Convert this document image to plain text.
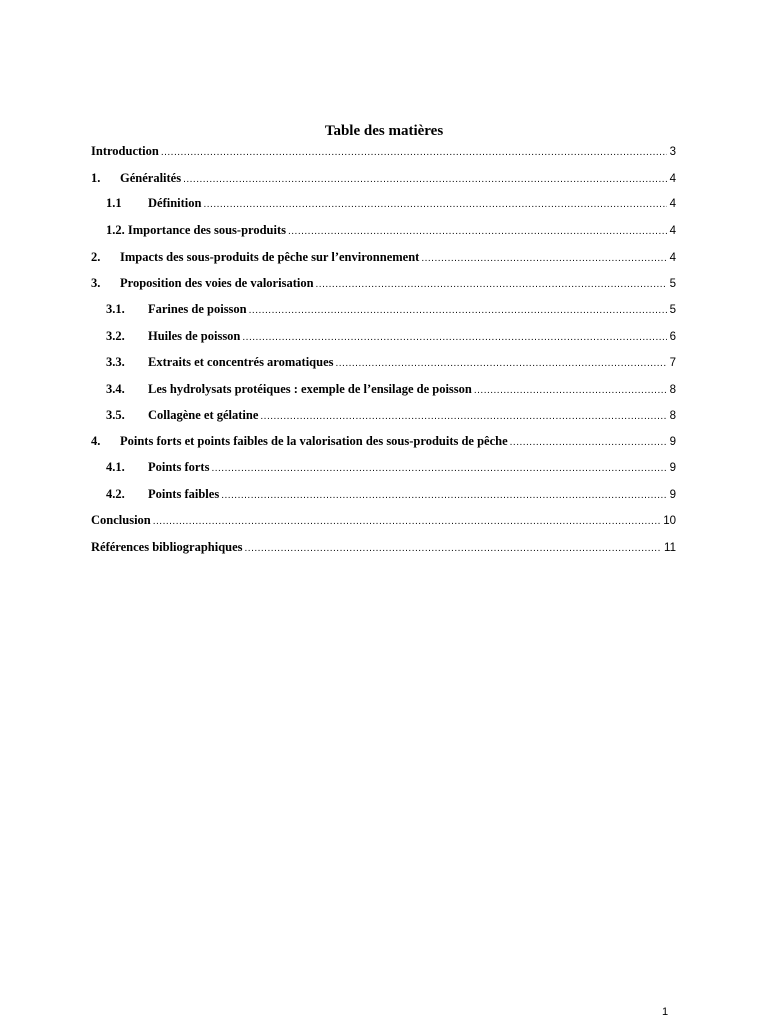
Table des matières
Introduction .....	3
1.	Généralités .....	4
1.1	Définition .....	4
1.2. Importance des sous-produits .....	4
2.	Impacts des sous-produits de pêche sur l’environnement .....	4
3.	Proposition des voies de valorisation .....	5
3.1.	Farines de poisson .....	5
3.2.	Huiles de poisson .....	6
3.3.	Extraits et concentrés aromatiques .....	7
3.4.	Les hydrolysats protéiques : exemple de l’ensilage de poisson .....	8
3.5.	Collagène et gélatine .....	8
4.	Points forts et points faibles de la valorisation des sous-produits de pêche .....	9
4.1.	Points forts .....	9
4.2.	Points faibles .....	9
Conclusion .....	10
Références bibliographiques .....	11
1
